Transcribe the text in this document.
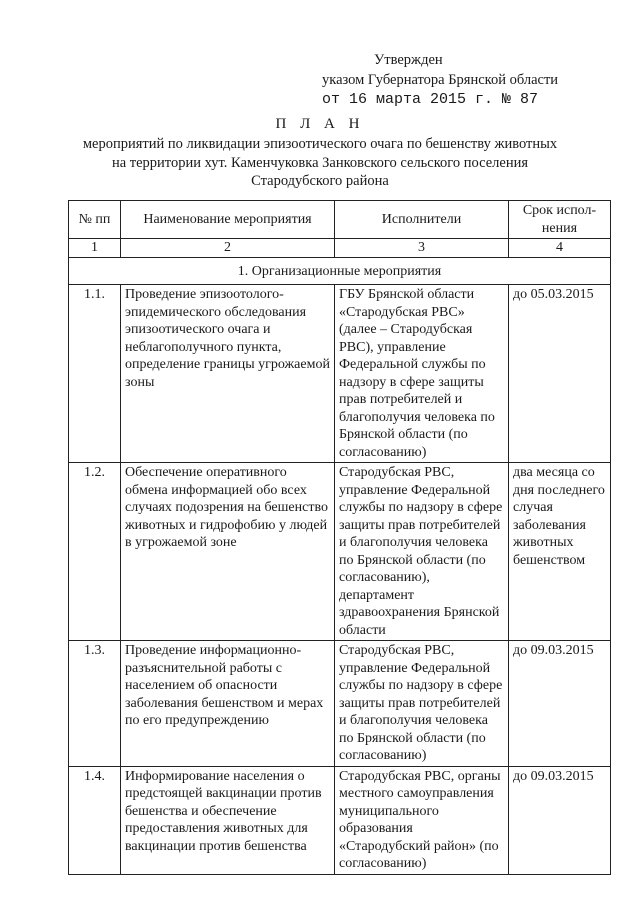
Утвержден
указом Губернатора Брянской области
от 16 марта 2015 г. № 87
П Л А Н
мероприятий по ликвидации эпизоотического очага по бешенству животных
на территории хут. Каменчуковка Занковского сельского поселения
Стародубского района
№ пп	Наименование мероприятия	Исполнители	Срок испол-нения
1	2	3	4
1. Организационные мероприятия			
1.1.	Проведение эпизоотолого-эпидемического обследования эпизоотического очага и неблагополучного пункта, определение границы угрожаемой зоны	ГБУ Брянской области «Стародубская РВС» (далее – Стародубская РВС), управление Федеральной службы по надзору в сфере защиты прав потребителей и благополучия человека по Брянской области (по согласованию)	до 05.03.2015
1.2.	Обеспечение оперативного обмена информацией обо всех случаях подозрения на бешенство животных и гидрофобию у людей в угрожаемой зоне	Стародубская РВС, управление Федеральной службы по надзору в сфере защиты прав потребителей и благополучия человека по Брянской области (по согласованию), департамент здравоохранения Брянской области	два месяца со дня последнего случая заболевания животных бешенством
1.3.	Проведение информационно-разъяснительной работы с населением об опасности заболевания бешенством и мерах по его предупреждению	Стародубская РВС, управление Федеральной службы по надзору в сфере защиты прав потребителей и благополучия человека по Брянской области (по согласованию)	до 09.03.2015
1.4.	Информирование населения о предстоящей вакцинации против бешенства и обеспечение предоставления животных для вакцинации против бешенства	Стародубская РВС, органы местного самоуправления муниципального образования «Стародубский район» (по согласованию)	до 09.03.2015
